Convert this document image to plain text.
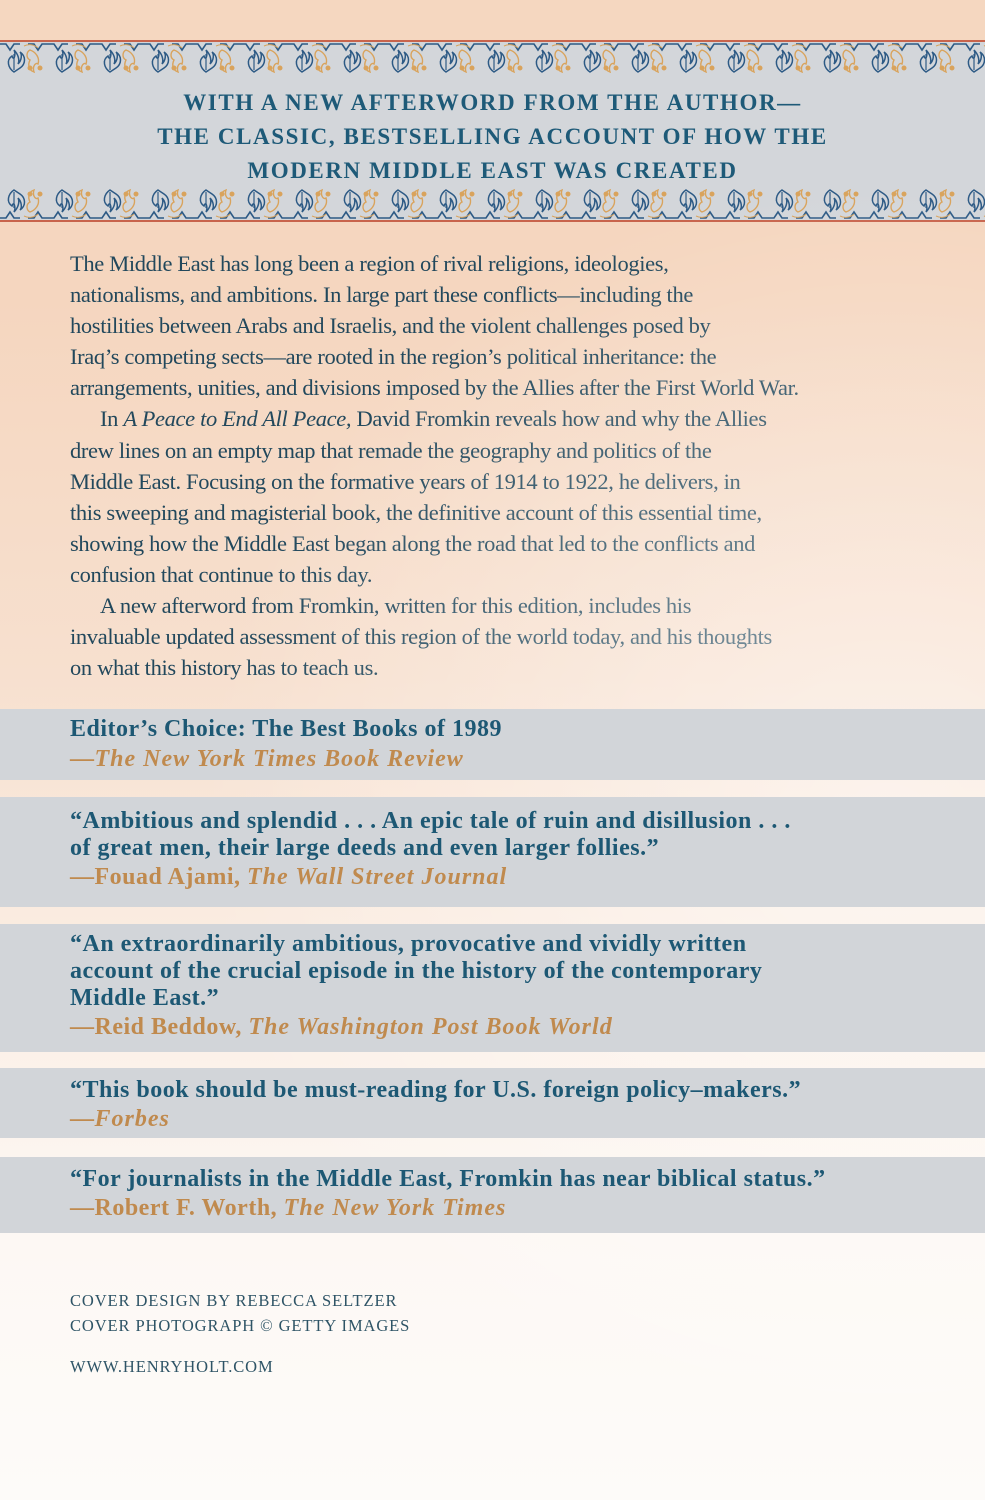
WITH A NEW AFTERWORD FROM THE AUTHOR—
THE CLASSIC, BESTSELLING ACCOUNT OF HOW THE
MODERN MIDDLE EAST WAS CREATED

The Middle East has long been a region of rival religions, ideologies,
nationalisms, and ambitions. In large part these conflicts—including the
hostilities between Arabs and Israelis, and the violent challenges posed by
Iraq’s competing sects—are rooted in the region’s political inheritance: the
arrangements, unities, and divisions imposed by the Allies after the First World War.

In A Peace to End All Peace, David Fromkin reveals how and why the Allies
drew lines on an empty map that remade the geography and politics of the
Middle East. Focusing on the formative years of 1914 to 1922, he delivers, in
this sweeping and magisterial book, the definitive account of this essential time,
showing how the Middle East began along the road that led to the conflicts and
confusion that continue to this day.

A new afterword from Fromkin, written for this edition, includes his
invaluable updated assessment of this region of the world today, and his thoughts
on what this history has to teach us.

Editor’s Choice: The Best Books of 1989
—The New York Times Book Review
“Ambitious and splendid . . . An epic tale of ruin and disillusion . . .
of great men, their large deeds and even larger follies.”
—Fouad Ajami, The Wall Street Journal
“An extraordinarily ambitious, provocative and vividly written
account of the crucial episode in the history of the contemporary
Middle East.”
—Reid Beddow, The Washington Post Book World
“This book should be must-reading for U.S. foreign policy–makers.”
—Forbes
“For journalists in the Middle East, Fromkin has near biblical status.”
—Robert F. Worth, The New York Times
COVER DESIGN BY REBECCA SELTZER
COVER PHOTOGRAPH © GETTY IMAGES
WWW.HENRYHOLT.COM
